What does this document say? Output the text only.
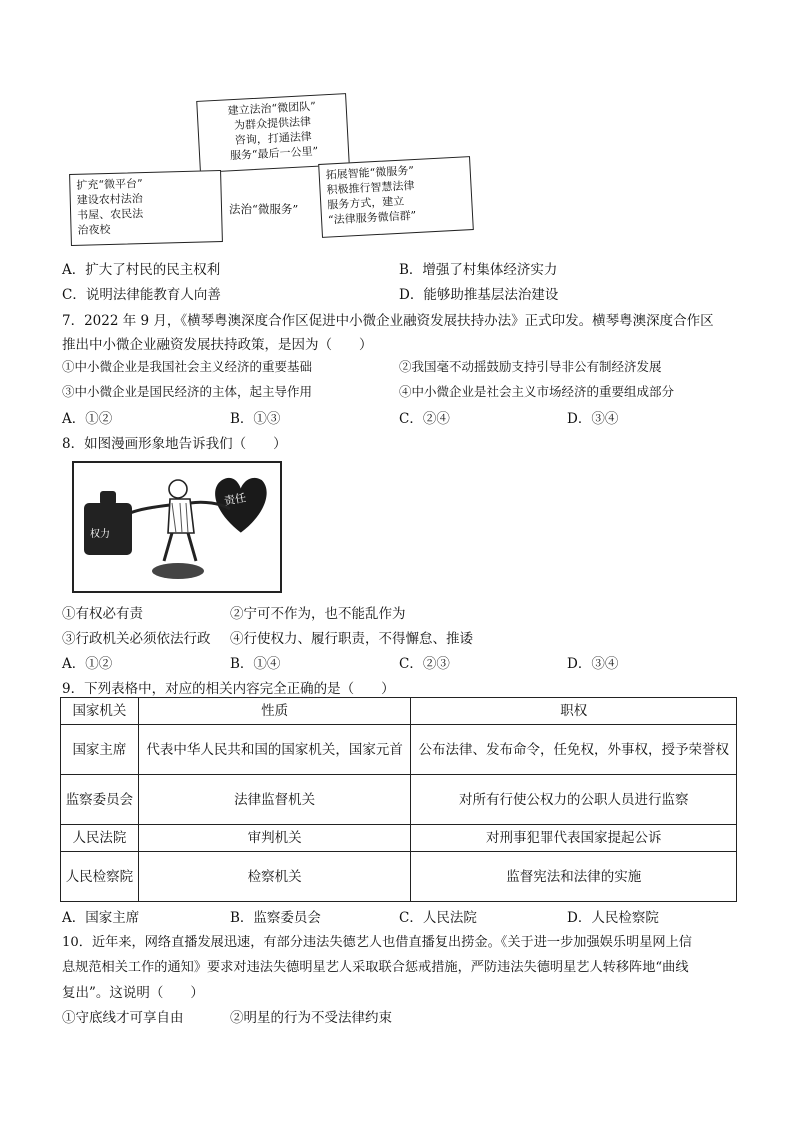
建立法治“微团队”
为群众提供法律
咨询，打通法律
服务“最后一公里”
扩充“微平台”
建设农村法治
书屋、农民法
治夜校
法治“微服务”
拓展智能“微服务”
积极推行智慧法律
服务方式，建立
“法律服务微信群”
A．扩大了村民的民主权利	B．增强了村集体经济实力
C．说明法律能教育人向善	D．能够助推基层法治建设
7．2022 年 9 月，《横琴粤澳深度合作区促进中小微企业融资发展扶持办法》正式印发。横琴粤澳深度合作区
推出中小微企业融资发展扶持政策，是因为（　　）
①中小微企业是我国社会主义经济的重要基础	②我国毫不动摇鼓励支持引导非公有制经济发展
③中小微企业是国民经济的主体，起主导作用	④中小微企业是社会主义市场经济的重要组成部分
A．①②	B．①③	C．②④	D．③④
8．如图漫画形象地告诉我们（　　）
权力
责任
①有权必有责	②宁可不作为，也不能乱作为
③行政机关必须依法行政 ④行使权力、履行职责，不得懈怠、推诿
A．①②	B．①④	C．②③	D．③④
9．下列表格中，对应的相关内容完全正确的是（　　）
国家机关	性质	职权
国家主席	代表中华人民共和国的国家机关，国家元首	公布法律、发布命令，任免权，外事权，授予荣誉权
监察委员会	法律监督机关	对所有行使公权力的公职人员进行监察
人民法院	审判机关	对刑事犯罪代表国家提起公诉
人民检察院	检察机关	监督宪法和法律的实施
A．国家主席	B．监察委员会	C．人民法院	D．人民检察院
10．近年来，网络直播发展迅速，有部分违法失德艺人也借直播复出捞金。《关于进一步加强娱乐明星网上信
息规范相关工作的通知》要求对违法失德明星艺人采取联合惩戒措施，严防违法失德明星艺人转移阵地“曲线
复出”。这说明（　　）
①守底线才可享自由	②明星的行为不受法律约束
